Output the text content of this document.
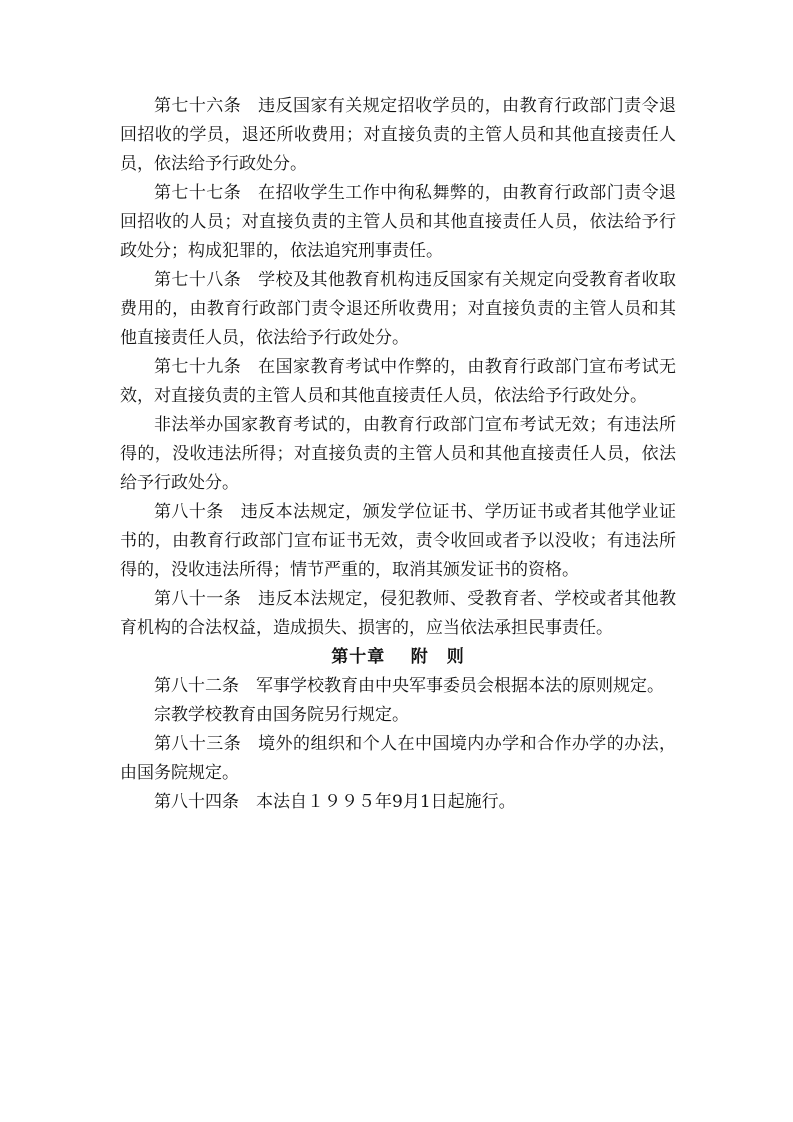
第七十六条 违反国家有关规定招收学员的，由教育行政部门责令退回招收的学员，退还所收费用；对直接负责的主管人员和其他直接责任人员，依法给予行政处分。

第七十七条 在招收学生工作中徇私舞弊的，由教育行政部门责令退回招收的人员；对直接负责的主管人员和其他直接责任人员，依法给予行政处分；构成犯罪的，依法追究刑事责任。

第七十八条 学校及其他教育机构违反国家有关规定向受教育者收取费用的，由教育行政部门责令退还所收费用；对直接负责的主管人员和其他直接责任人员，依法给予行政处分。

第七十九条 在国家教育考试中作弊的，由教育行政部门宣布考试无效，对直接负责的主管人员和其他直接责任人员，依法给予行政处分。

非法举办国家教育考试的，由教育行政部门宣布考试无效；有违法所得的，没收违法所得；对直接负责的主管人员和其他直接责任人员，依法给予行政处分。

第八十条 违反本法规定，颁发学位证书、学历证书或者其他学业证书的，由教育行政部门宣布证书无效，责令收回或者予以没收；有违法所得的，没收违法所得；情节严重的，取消其颁发证书的资格。

第八十一条 违反本法规定，侵犯教师、受教育者、学校或者其他教育机构的合法权益，造成损失、损害的，应当依法承担民事责任。

第十章 附　则

第八十二条 军事学校教育由中央军事委员会根据本法的原则规定。

宗教学校教育由国务院另行规定。

第八十三条 境外的组织和个人在中国境内办学和合作办学的办法，由国务院规定。

第八十四条 本法自１９９５年9月1日起施行。
